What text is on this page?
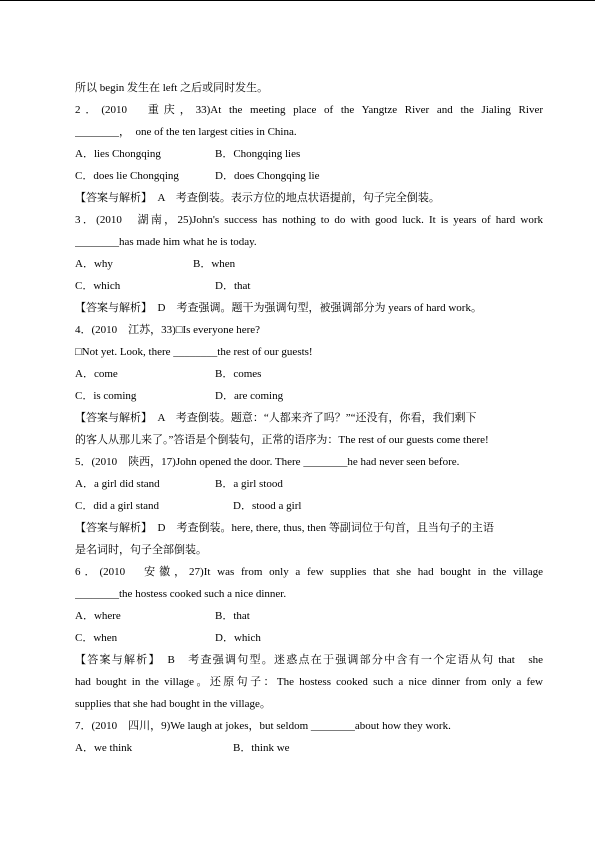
所以 begin 发生在 left 之后或同时发生。
2．(2010　重庆，33)At the meeting place of the Yangtze River and the Jialing River
________，　one of the ten largest cities in China.
A．lies Chongqing	B．Chongqing lies
C．does lie Chongqing	D．does Chongqing lie
【答案与解析】　A　考查倒装。表示方位的地点状语提前，句子完全倒装。
3．(2010　湖南，25)John's success has nothing to do with good luck. It is years of hard work
________has made him what he is today.
A．why	B．when
C．which	D．that
【答案与解析】　D　考查强调。题干为强调句型，被强调部分为 years of hard work。
4．(2010　江苏，33)□Is everyone here?
□Not yet. Look, there ________the rest of our guests!
A．come	B．comes
C．is coming	D．are coming
【答案与解析】　A　考查倒装。题意：“人都来齐了吗？”“还没有，你看，我们剩下
的客人从那儿来了。”答语是个倒装句，正常的语序为：The rest of our guests come there!
5．(2010　陕西，17)John opened the door. There ________he had never seen before.
A．a girl did stand	B．a girl stood
C．did a girl stand	D．stood a girl
【答案与解析】　D　考查倒装。here, there, thus, then 等副词位于句首，且当句子的主语
是名词时，句子全部倒装。
6．(2010　安徽，27)It was from only a few supplies that she had bought in the village
________the hostess cooked such a nice dinner.
A．where	B．that
C．when	D．which
【答案与解析】　B　考查强调句型。迷惑点在于强调部分中含有一个定语从句 that　she
had bought in the village。还原句子：The hostess cooked such a nice dinner from only a few
supplies that she had bought in the village。
7．(2010　四川，9)We laugh at jokes，but seldom ________about how they work.
A．we think	B．think we
